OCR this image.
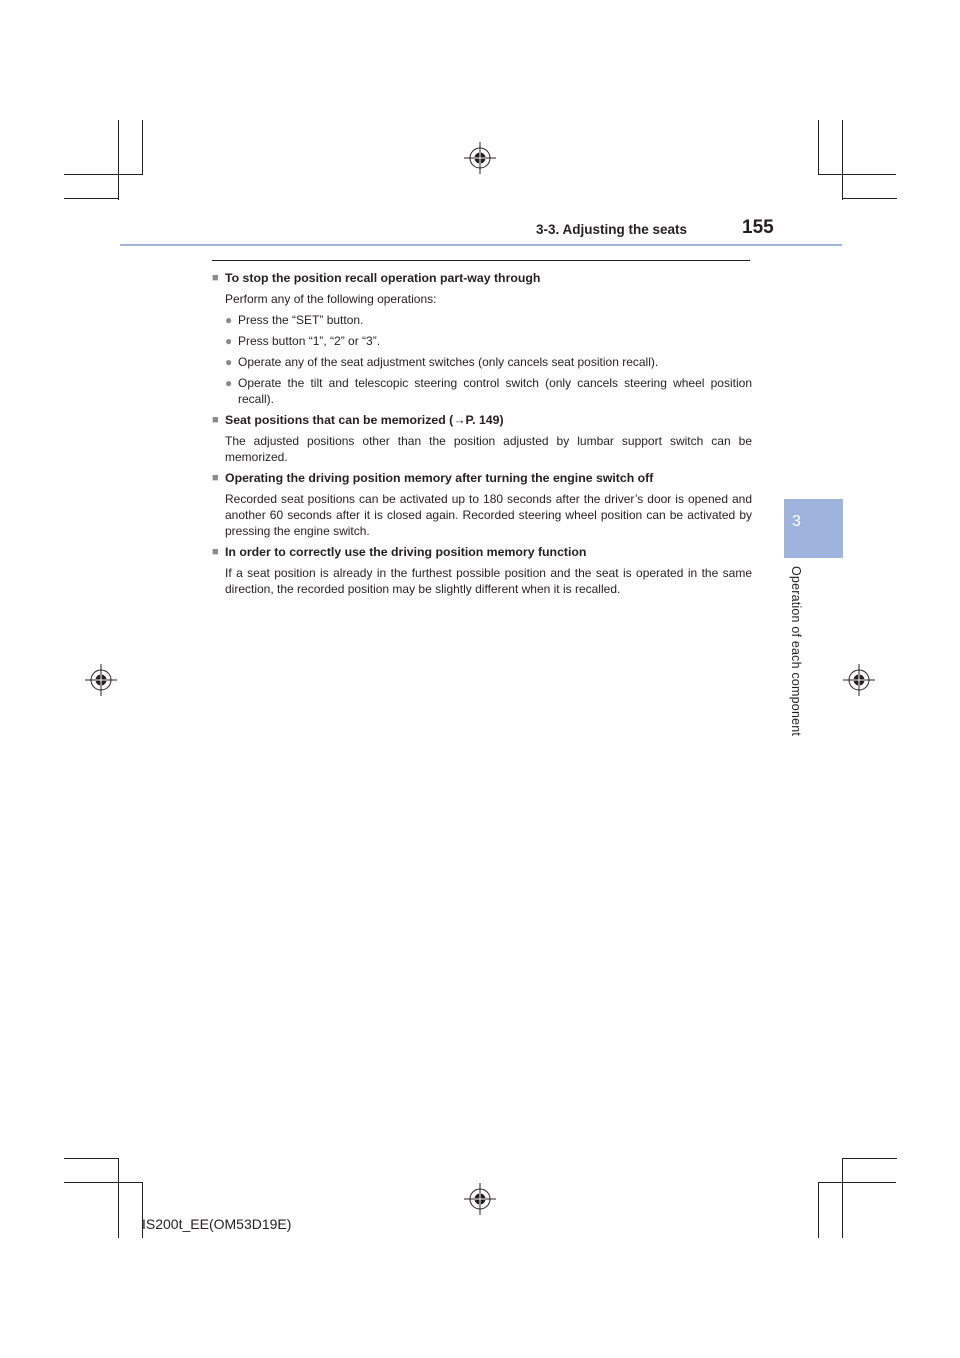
3-3. Adjusting the seats	155
3
Operation of each component
■ To stop the position recall operation part-way through
Perform any of the following operations:
● Press the “SET” button.
● Press button “1”, “2” or “3”.
● Operate any of the seat adjustment switches (only cancels seat position recall).
● Operate the tilt and telescopic steering control switch (only cancels steering wheel position recall).
■ Seat positions that can be memorized (→P. 149)
The adjusted positions other than the position adjusted by lumbar support switch can be memorized.
■ Operating the driving position memory after turning the engine switch off
Recorded seat positions can be activated up to 180 seconds after the driver’s door is opened and another 60 seconds after it is closed again. Recorded steering wheel position can be activated by pressing the engine switch.
■ In order to correctly use the driving position memory function
If a seat position is already in the furthest possible position and the seat is operated in the same direction, the recorded position may be slightly different when it is recalled.
IS200t_EE(OM53D19E)
